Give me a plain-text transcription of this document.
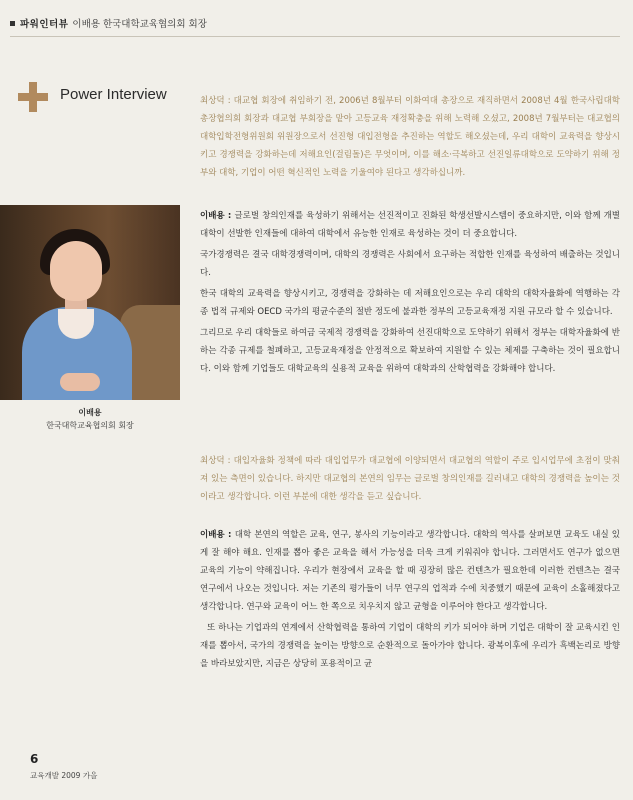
파워인터뷰 이배용 한국대학교육협의회 회장
Power Interview
이배용
한국대학교육협의회 회장
최상덕 : 대교협 회장에 취임하기 전, 2006년 8월부터 이화여대 총장으로 재직하면서 2008년 4월 한국사립대학총장협의회 회장과 대교협 부회장을 맡아 고등교육 재정확충을 위해 노력해 오셨고, 2008년 7월부터는 대교협의 대학입학전형위원회 위원장으로서 선진형 대입전형을 추진하는 역할도 해오셨는데, 우리 대학이 교육력을 향상시키고 경쟁력을 강화하는데 저해요인(걸림돌)은 무엇이며, 이를 해소·극복하고 선진일류대학으로 도약하기 위해 정부와 대학, 기업이 어떤 혁신적인 노력을 기울여야 된다고 생각하십니까.
이배용 : 글로벌 창의인재를 육성하기 위해서는 선진적이고 진화된 학생선발시스템이 중요하지만, 이와 함께 개별 대학이 선발한 인재들에 대하여 대학에서 유능한 인재로 육성하는 것이 더 중요합니다.
국가경쟁력은 결국 대학경쟁력이며, 대학의 경쟁력은 사회에서 요구하는 적합한 인재를 육성하여 배출하는 것입니다.
한국 대학의 교육력을 향상시키고, 경쟁력을 강화하는 데 저해요인으로는 우리 대학의 대학자율화에 역행하는 각종 법적 규제와 OECD 국가의 평균수준의 절반 정도에 불과한 정부의 고등교육재정 지원 규모라 할 수 있습니다.
그리므로 우리 대학들로 하여금 국제적 경쟁력을 강화하여 선진대학으로 도약하기 위해서 정부는 대학자율화에 반하는 각종 규제를 철폐하고, 고등교육재정을 안정적으로 확보하여 지원할 수 있는 체제를 구축하는 것이 필요합니다. 이와 함께 기업들도 대학교육의 실용적 교육을 위하여 대학과의 산학협력을 강화해야 합니다.
최상덕 : 대입자율화 정책에 따라 대입업무가 대교협에 이양되면서 대교협의 역할이 주로 입시업무에 초점이 맞춰져 있는 측면이 있습니다. 하지만 대교협의 본연의 임무는 글로벌 창의인재를 길러내고 대학의 경쟁력을 높이는 것이라고 생각합니다. 이런 부분에 대한 생각을 듣고 싶습니다.
이배용 : 대학 본연의 역할은 교육, 연구, 봉사의 기능이라고 생각합니다. 대학의 역사를 살펴보면 교육도 내실 있게 잘 해야 해요. 인재를 뽑아 좋은 교육을 해서 가능성을 더욱 크게 키워줘야 합니다. 그러면서도 연구가 없으면 교육의 기능이 약해집니다. 우리가 현장에서 교육을 할 때 굉장히 많은 컨텐츠가 필요한데 이러한 컨텐츠는 결국 연구에서 나오는 것입니다. 저는 기존의 평가들이 너무 연구의 업적과 수에 치중했기 때문에 교육이 소홀해졌다고 생각합니다. 연구와 교육이 어느 한 쪽으로 치우치지 않고 균형을 이루어야 한다고 생각합니다.
또 하나는 기업과의 연계에서 산학협력을 통하여 기업이 대학의 키가 되어야 하며 기업은 대학이 잘 교육시킨 인재를 뽑아서, 국가의 경쟁력을 높이는 방향으로 순환적으로 돌아가야 합니다. 광복이후에 우리가 흑백논리로 방향을 바라보았지만, 지금은 상당히 포용적이고 균
6
교육개발 2009 가을
